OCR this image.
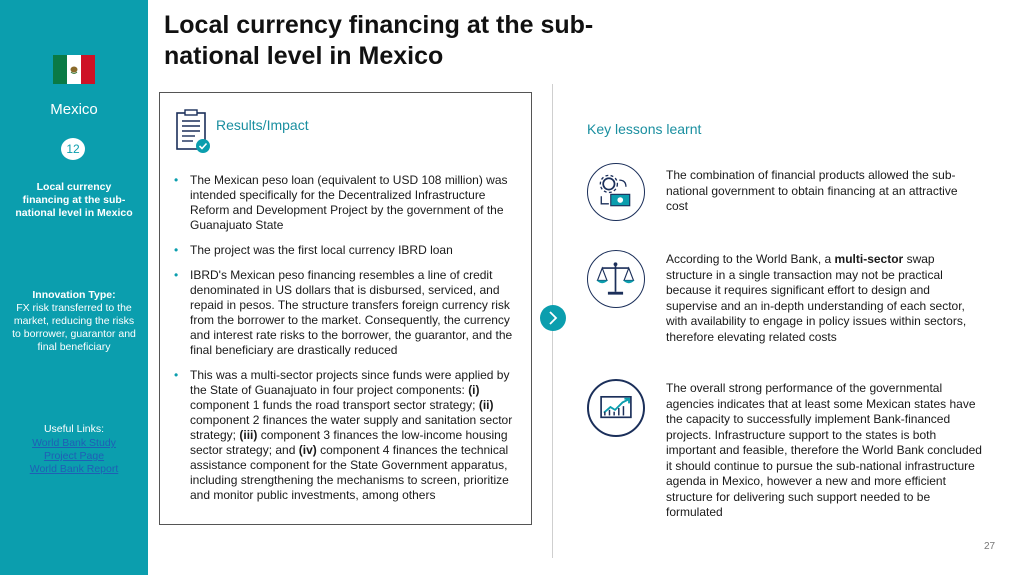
Mexico
12
Local currency financing at the sub-national level in Mexico
Innovation Type:
FX risk transferred to the market, reducing the risks to borrower, guarantor and final beneficiary
Useful Links:
World Bank Study
Project Page
World Bank Report
Local currency financing at the sub-national level in Mexico
Results/Impact
• The Mexican peso loan (equivalent to USD 108 million) was intended specifically for the Decentralized Infrastructure Reform and Development Project by the government of the Guanajuato State
• The project was the first local currency IBRD loan
• IBRD's Mexican peso financing resembles a line of credit denominated in US dollars that is disbursed, serviced, and repaid in pesos. The structure transfers foreign currency risk from the borrower to the market. Consequently, the currency and interest rate risks to the borrower, the guarantor, and the final beneficiary are drastically reduced
• This was a multi-sector projects since funds were applied by the State of Guanajuato in four project components: (i) component 1 funds the road transport sector strategy; (ii) component 2 finances the water supply and sanitation sector strategy; (iii) component 3 finances the low-income housing sector strategy; and (iv) component 4 finances the technical assistance component for the State Government apparatus, including strengthening the mechanisms to screen, prioritize and monitor public investments, among others
Key lessons learnt
The combination of financial products allowed the sub-national government to obtain financing at an attractive cost
According to the World Bank, a multi-sector swap structure in a single transaction may not be practical because it requires significant effort to design and supervise and an in-depth understanding of each sector, with availability to engage in policy issues within sectors, therefore elevating related costs
The overall strong performance of the governmental agencies indicates that at least some Mexican states have the capacity to successfully implement Bank-financed projects. Infrastructure support to the states is both important and feasible, therefore the World Bank concluded it should continue to pursue the sub-national infrastructure agenda in Mexico, however a new and more efficient structure for delivering such support needed to be formulated
27
